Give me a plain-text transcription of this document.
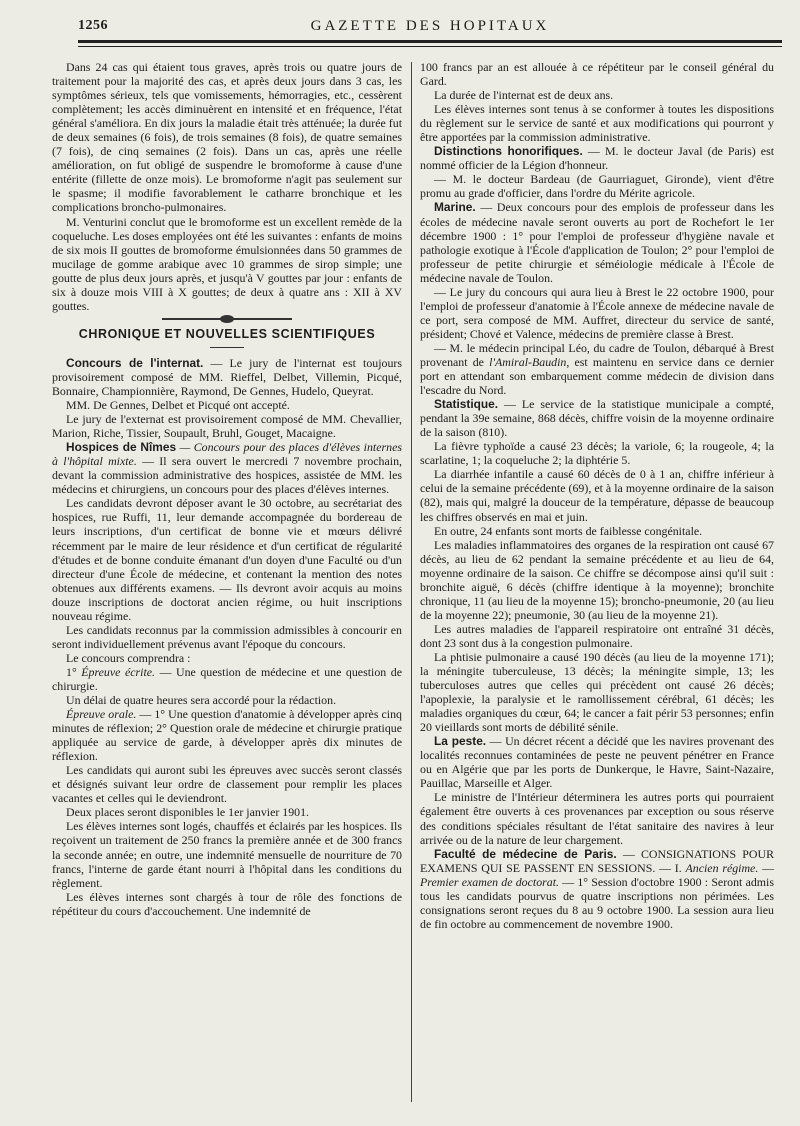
1256	GAZETTE DES HOPITAUX

Dans 24 cas qui étaient tous graves, après trois ou quatre jours de traitement pour la majorité des cas, et après deux jours dans 3 cas, les symptômes sérieux, tels que vomissements, hémorragies, etc., cessèrent complètement; les accès diminuèrent en intensité et en fréquence, l'état général s'améliora. En dix jours la maladie était très atténuée; la durée fut de deux semaines (6 fois), de trois semaines (8 fois), de quatre semaines (7 fois), de cinq semaines (2 fois). Dans un cas, après une réelle amélioration, on fut obligé de suspendre le bromoforme à cause d'une entérite (fillette de onze mois). Le bromoforme n'agit pas seulement sur le spasme; il modifie favorablement le catharre bronchique et les complications broncho-pulmonaires.

M. Venturini conclut que le bromoforme est un excellent remède de la coqueluche. Les doses employées ont été les suivantes : enfants de moins de six mois II gouttes de bromoforme émulsionnées dans 50 grammes de mucilage de gomme arabique avec 10 grammes de sirop simple; une goutte de plus deux jours après, et jusqu'à V gouttes par jour : enfants de six à douze mois VIII à X gouttes; de deux à quatre ans : XII à XV gouttes.

CHRONIQUE ET NOUVELLES SCIENTIFIQUES

Concours de l'internat. — Le jury de l'internat est toujours provisoirement composé de MM. Rieffel, Delbet, Villemin, Picqué, Bonnaire, Championnière, Raymond, De Gennes, Hudelo, Queyrat.

MM. De Gennes, Delbet et Picqué ont accepté.

Le jury de l'externat est provisoirement composé de MM. Chevallier, Marion, Riche, Tissier, Soupault, Bruhl, Gouget, Macaigne.

Hospices de Nîmes — Concours pour des places d'élèves internes à l'hôpital mixte. — Il sera ouvert le mercredi 7 novembre prochain, devant la commission administrative des hospices, assistée de MM. les médecins et chirurgiens, un concours pour des places d'élèves internes.

Les candidats devront déposer avant le 30 octobre, au secrétariat des hospices, rue Ruffi, 11, leur demande accompagnée du bordereau de leurs inscriptions, d'un certificat de bonne vie et mœurs délivré récemment par le maire de leur résidence et d'un certificat de régularité d'études et de bonne conduite émanant d'un doyen d'une Faculté ou d'un directeur d'une École de médecine, et contenant la mention des notes obtenues aux différents examens. — Ils devront avoir acquis au moins douze inscriptions de doctorat ancien régime, ou huit inscriptions nouveau régime.

Les candidats reconnus par la commission admissibles à concourir en seront individuellement prévenus avant l'époque du concours.

Le concours comprendra :

1° Épreuve écrite. — Une question de médecine et une question de chirurgie.

Un délai de quatre heures sera accordé pour la rédaction.

Épreuve orale. — 1° Une question d'anatomie à développer après cinq minutes de réflexion; 2° Question orale de médecine et chirurgie pratique appliquée au service de garde, à développer après dix minutes de réflexion.

Les candidats qui auront subi les épreuves avec succès seront classés et désignés suivant leur ordre de classement pour remplir les places vacantes et celles qui le deviendront.

Deux places seront disponibles le 1er janvier 1901.

Les élèves internes sont logés, chauffés et éclairés par les hospices. Ils reçoivent un traitement de 250 francs la première année et de 300 francs la seconde année; en outre, une indemnité mensuelle de nourriture de 70 francs, l'interne de garde étant nourri à l'hôpital dans les conditions du règlement.

Les élèves internes sont chargés à tour de rôle des fonctions de répétiteur du cours d'accouchement. Une indemnité de

100 francs par an est allouée à ce répétiteur par le conseil général du Gard.

La durée de l'internat est de deux ans.

Les élèves internes sont tenus à se conformer à toutes les dispositions du règlement sur le service de santé et aux modifications qui pourront y être apportées par la commission administrative.

Distinctions honorifiques. — M. le docteur Javal (de Paris) est nommé officier de la Légion d'honneur.

— M. le docteur Bardeau (de Gaurriaguet, Gironde), vient d'être promu au grade d'officier, dans l'ordre du Mérite agricole.

Marine. — Deux concours pour des emplois de professeur dans les écoles de médecine navale seront ouverts au port de Rochefort le 1er décembre 1900 : 1° pour l'emploi de professeur d'hygiène navale et pathologie exotique à l'École d'application de Toulon; 2° pour l'emploi de professeur de petite chirurgie et séméiologie médicale à l'École de médecine navale de Toulon.

— Le jury du concours qui aura lieu à Brest le 22 octobre 1900, pour l'emploi de professeur d'anatomie à l'École annexe de médecine navale de ce port, sera composé de MM. Auffret, directeur du service de santé, président; Chové et Valence, médecins de première classe à Brest.

— M. le médecin principal Léo, du cadre de Toulon, débarqué à Brest provenant de l'Amiral-Baudin, est maintenu en service dans ce dernier port en attendant son embarquement comme médecin de division dans l'escadre du Nord.

Statistique. — Le service de la statistique municipale a compté, pendant la 39e semaine, 868 décès, chiffre voisin de la moyenne ordinaire de la saison (810).

La fièvre typhoïde a causé 23 décès; la variole, 6; la rougeole, 4; la scarlatine, 1; la coqueluche 2; la diphtérie 5.

La diarrhée infantile a causé 60 décès de 0 à 1 an, chiffre inférieur à celui de la semaine précédente (69), et à la moyenne ordinaire de la saison (82), mais qui, malgré la douceur de la température, dépasse de beaucoup les chiffres observés en mai et juin.

En outre, 24 enfants sont morts de faiblesse congénitale.

Les maladies inflammatoires des organes de la respiration ont causé 67 décès, au lieu de 62 pendant la semaine précédente et au lieu de 64, moyenne ordinaire de la saison. Ce chiffre se décompose ainsi qu'il suit : bronchite aiguë, 6 décès (chiffre identique à la moyenne); bronchite chronique, 11 (au lieu de la moyenne 15); broncho-pneumonie, 20 (au lieu de la moyenne 22); pneumonie, 30 (au lieu de la moyenne 21).

Les autres maladies de l'appareil respiratoire ont entraîné 31 décès, dont 23 sont dus à la congestion pulmonaire.

La phtisie pulmonaire a causé 190 décès (au lieu de la moyenne 171); la méningite tuberculeuse, 13 décès; la méningite simple, 13; les tuberculoses autres que celles qui précèdent ont causé 26 décès; l'apoplexie, la paralysie et le ramollissement cérébral, 61 décès; les maladies organiques du cœur, 64; le cancer a fait périr 53 personnes; enfin 20 vieillards sont morts de débilité sénile.

La peste. — Un décret récent a décidé que les navires provenant des localités reconnues contaminées de peste ne peuvent pénétrer en France ou en Algérie que par les ports de Dunkerque, le Havre, Saint-Nazaire, Pauillac, Marseille et Alger.

Le ministre de l'Intérieur déterminera les autres ports qui pourraient également être ouverts à ces provenances par exception ou sous réserve des conditions spéciales résultant de l'état sanitaire des navires à leur arrivée ou de la nature de leur chargement.

Faculté de médecine de Paris. — CONSIGNATIONS POUR EXAMENS QUI SE PASSENT EN SESSIONS. — I. Ancien régime. — Premier examen de doctorat. — 1° Session d'octobre 1900 : Seront admis tous les candidats pourvus de quatre inscriptions non périmées. Les consignations seront reçues du 8 au 9 octobre 1900. La session aura lieu de fin octobre au commencement de novembre 1900.
